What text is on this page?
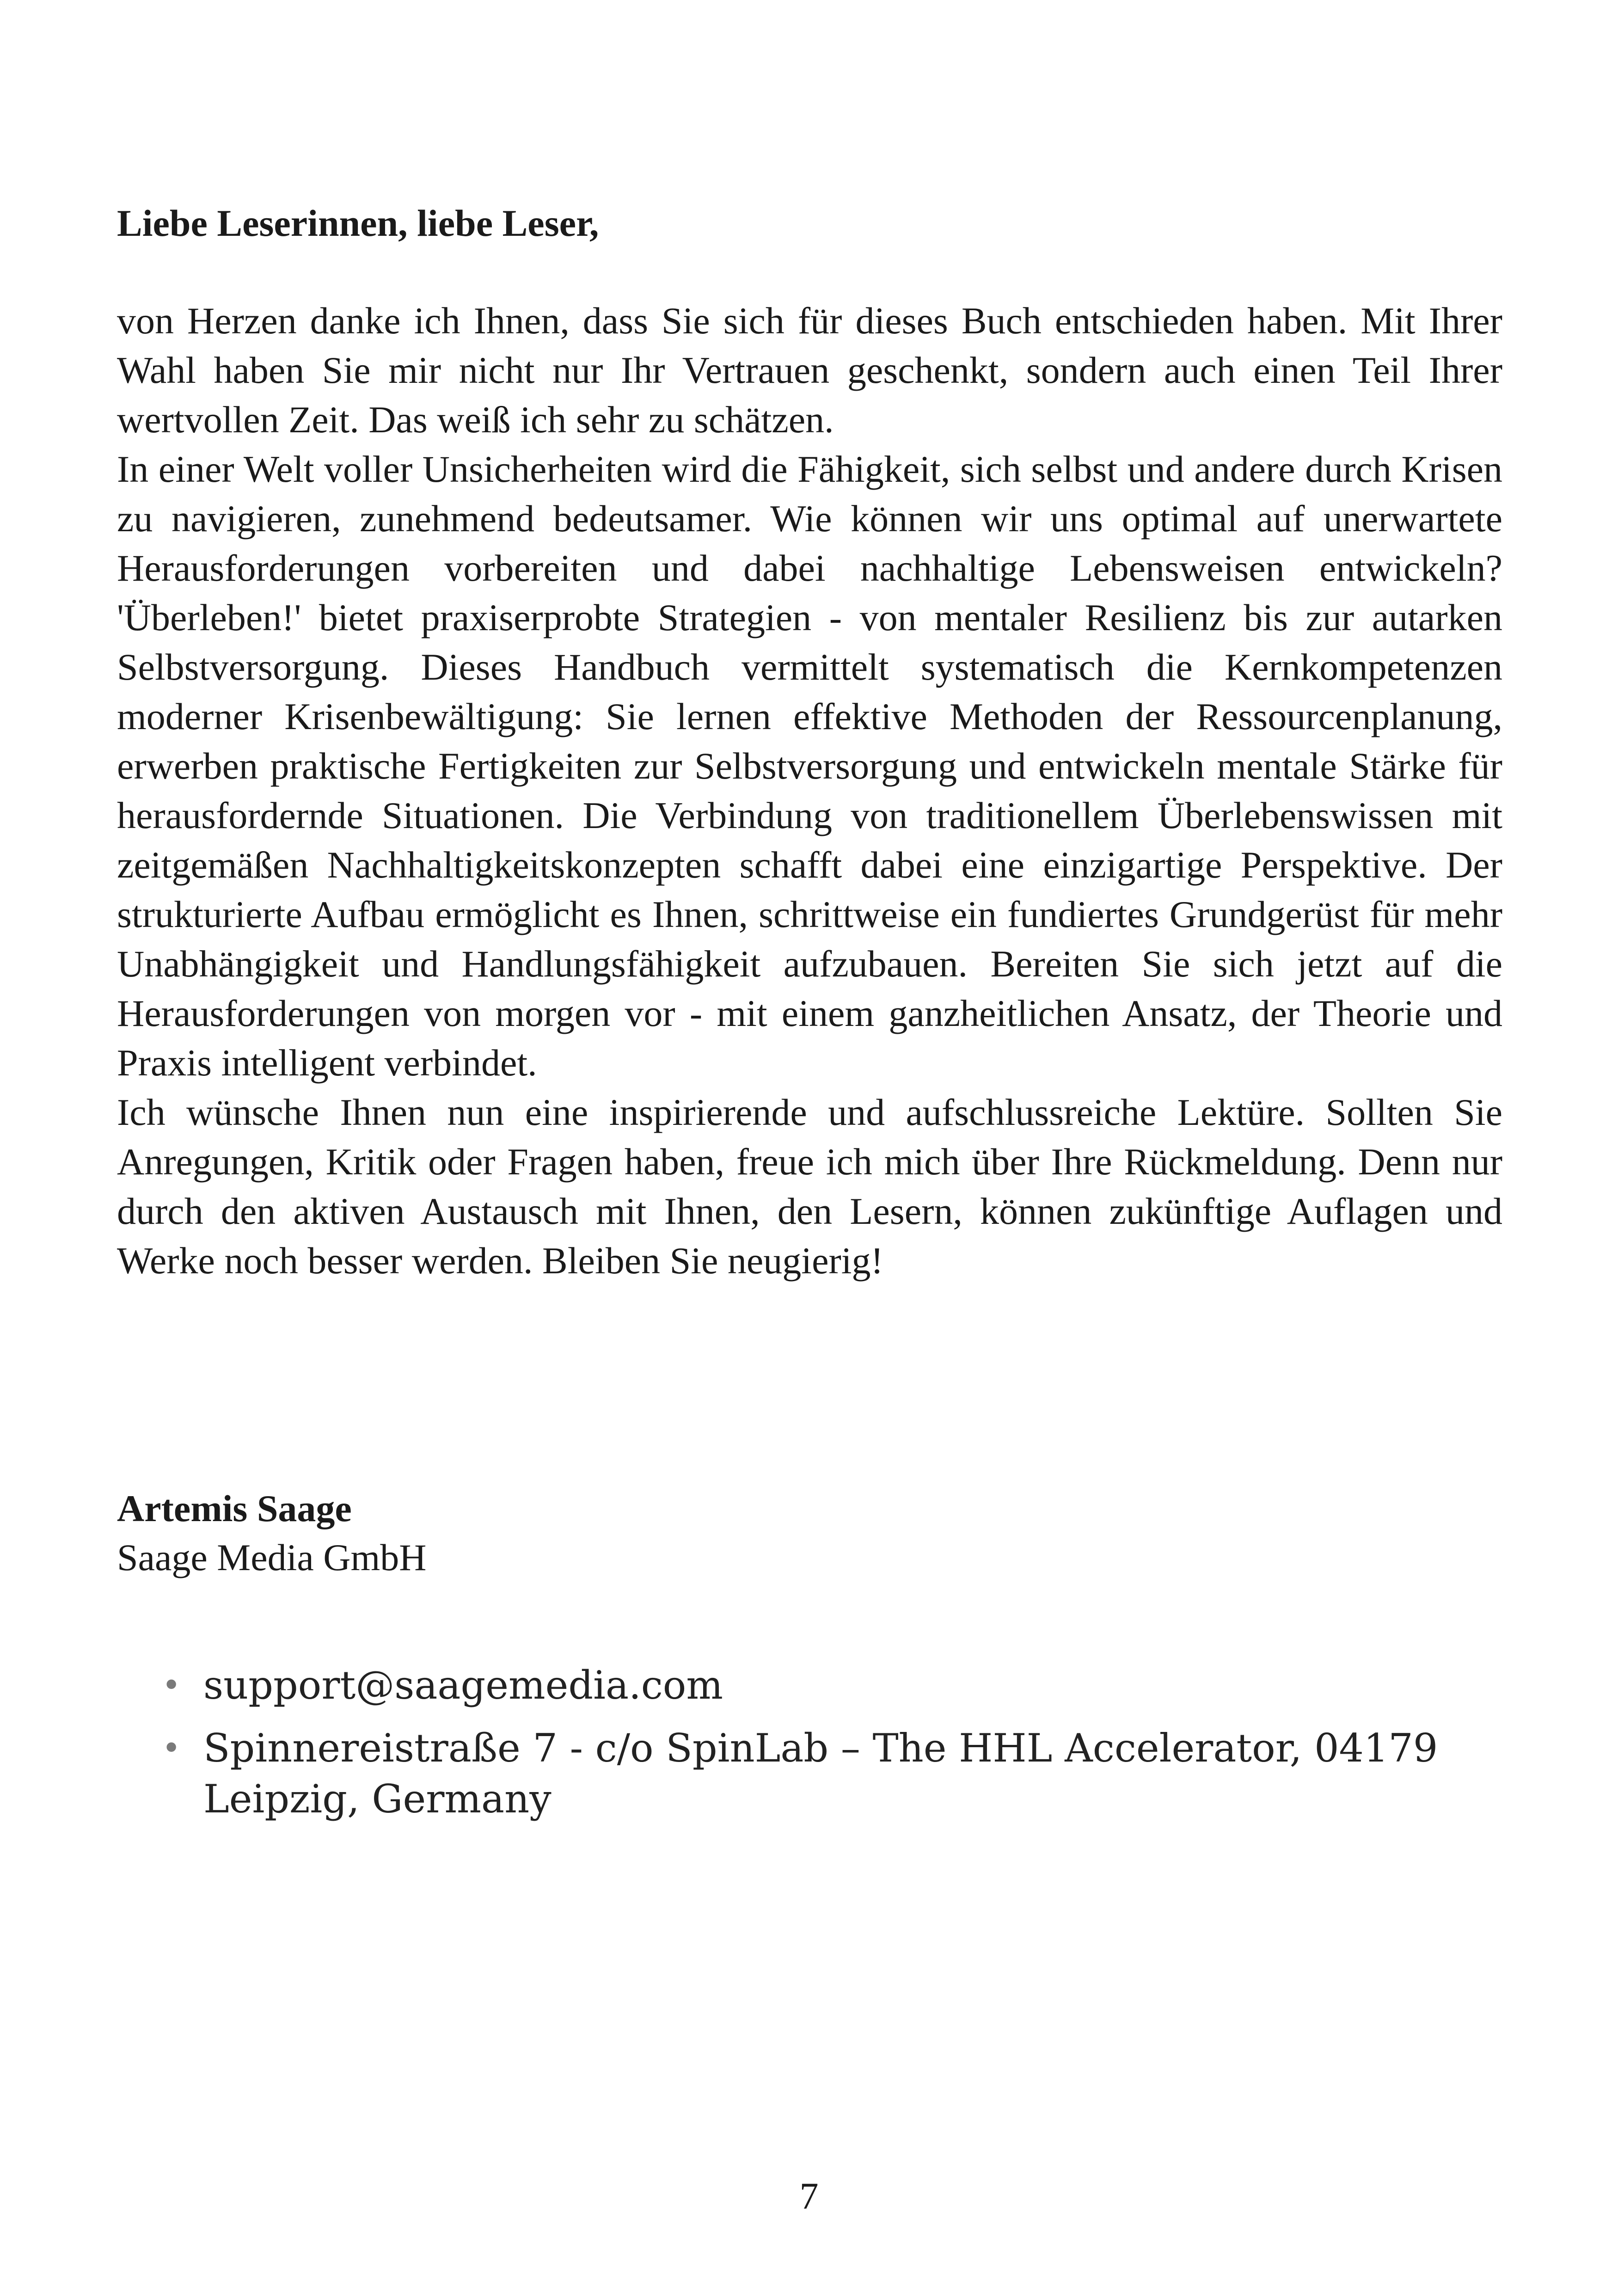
Liebe Leserinnen, liebe Leser,

von Herzen danke ich Ihnen, dass Sie sich für dieses Buch entschieden haben. Mit Ihrer Wahl haben Sie mir nicht nur Ihr Vertrauen geschenkt, sondern auch einen Teil Ihrer wertvollen Zeit. Das weiß ich sehr zu schätzen.

In einer Welt voller Unsicherheiten wird die Fähigkeit, sich selbst und andere durch Krisen zu navigieren, zunehmend bedeutsamer. Wie können wir uns optimal auf unerwartete Herausforderungen vorbereiten und dabei nachhaltige Lebensweisen entwickeln? 'Überleben!' bietet praxiserprobte Strategien - von mentaler Resilienz bis zur autarken Selbstversorgung. Dieses Handbuch vermittelt systematisch die Kernkompetenzen moderner Krisenbewältigung: Sie lernen effektive Methoden der Ressourcenplanung, erwerben praktische Fertigkeiten zur Selbstversorgung und entwickeln mentale Stärke für herausfordernde Situationen. Die Verbindung von traditionellem Überlebenswissen mit zeitgemäßen Nachhaltigkeitskonzepten schafft dabei eine einzigartige Perspektive. Der strukturierte Aufbau ermöglicht es Ihnen, schrittweise ein fundiertes Grundgerüst für mehr Unabhängigkeit und Handlungsfähigkeit aufzubauen. Bereiten Sie sich jetzt auf die Herausforderungen von morgen vor - mit einem ganzheitlichen Ansatz, der Theorie und Praxis intelligent verbindet.

Ich wünsche Ihnen nun eine inspirierende und aufschlussreiche Lektüre. Sollten Sie Anregungen, Kritik oder Fragen haben, freue ich mich über Ihre Rückmeldung. Denn nur durch den aktiven Austausch mit Ihnen, den Lesern, können zukünftige Auflagen und Werke noch besser werden. Bleiben Sie neugierig!

Artemis Saage

Saage Media GmbH

• support@saagemedia.com
• Spinnereistraße 7 - c/o SpinLab – The HHL Accelerator, 04179 Leipzig, Germany
7
